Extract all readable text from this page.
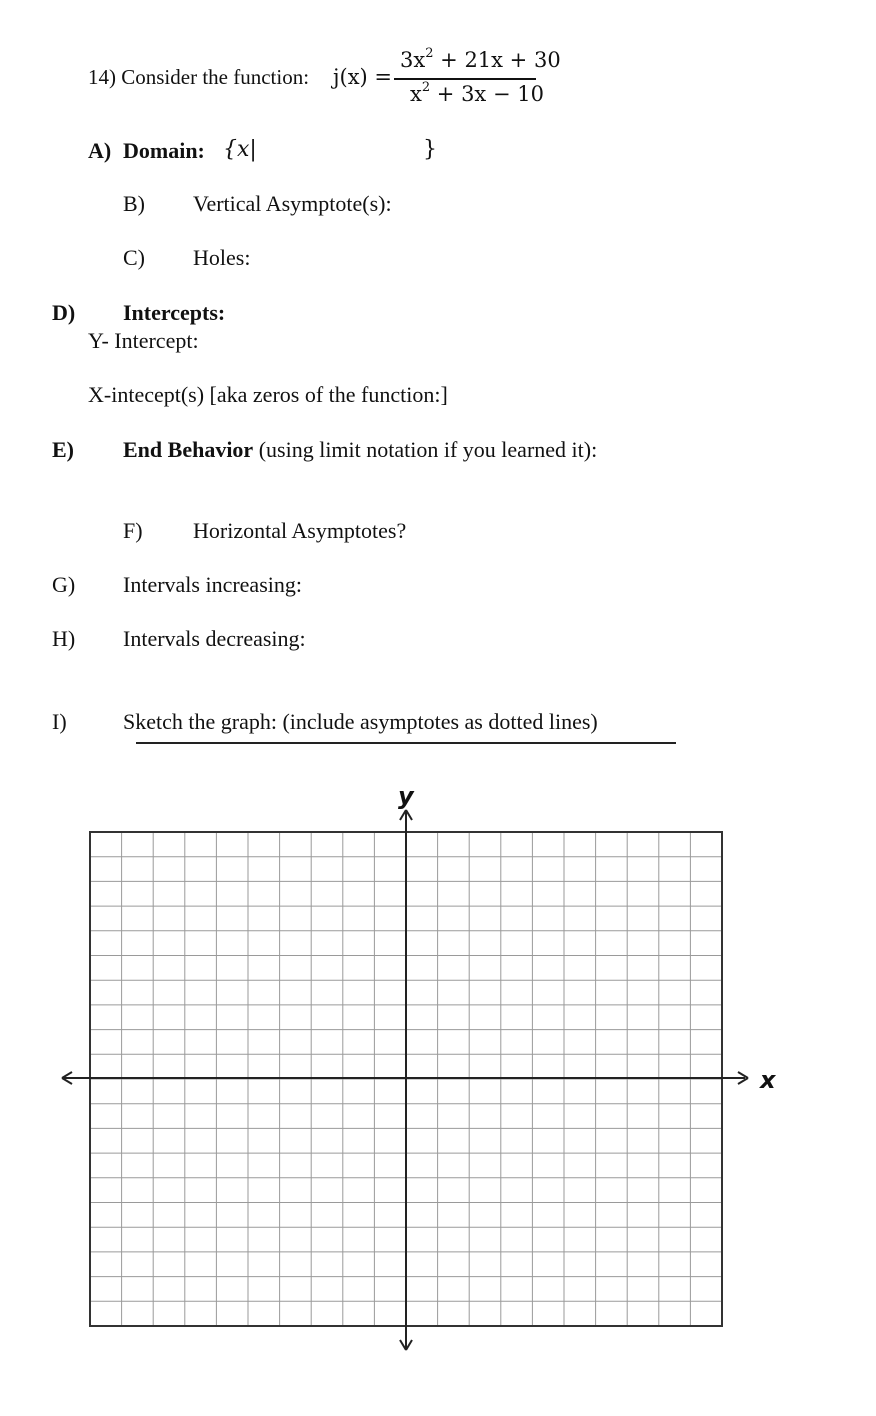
14) Consider the function: j(x) =
$3x^2 + 21x + 30$
$x^2 + 3x - 10$
A) Domain: {x|	}
B) Vertical Asymptote(s):
C) Holes:
D) Intercepts:
Y- Intercept:
X-intecept(s) [aka zeros of the function:]
E) End Behavior (using limit notation if you learned it):
F) Horizontal Asymptotes?
G) Intervals increasing:
H) Intervals decreasing:
I)	Sketch the graph: (include asymptotes as dotted lines)
x
y
